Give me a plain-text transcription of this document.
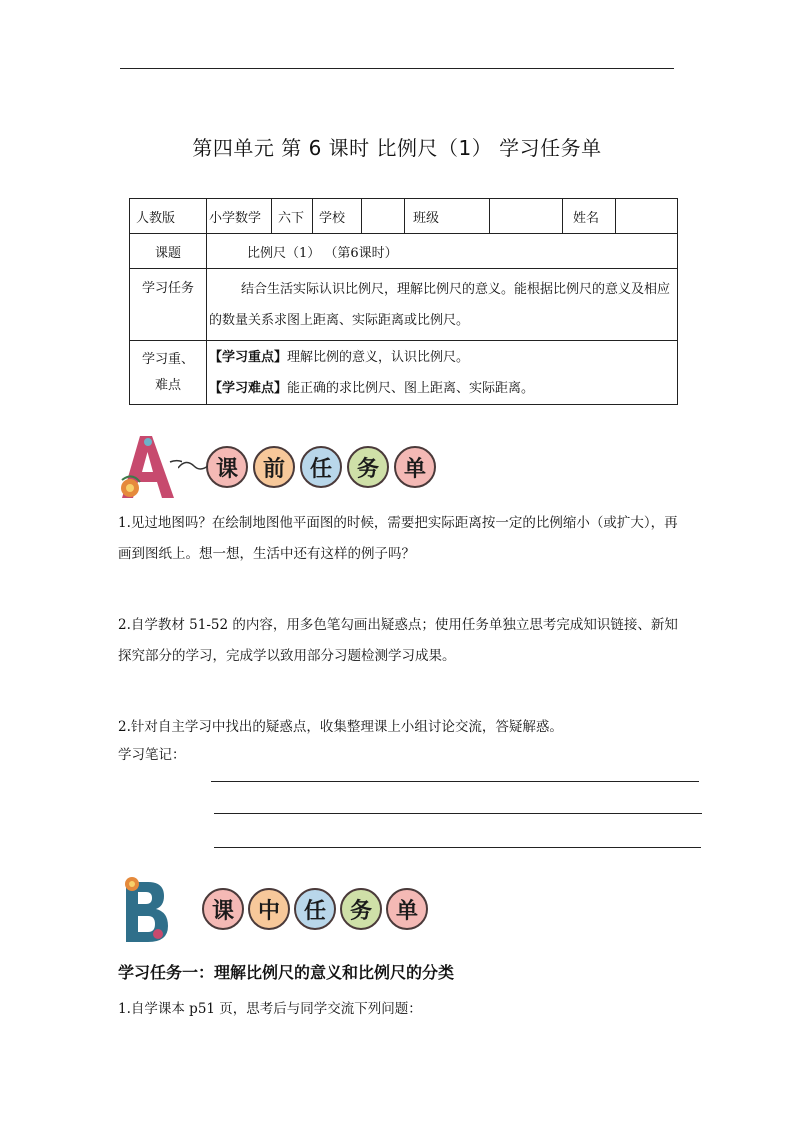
第四单元 第 6 课时 比例尺（1） 学习任务单
人教版	小学数学	六下	学校		班级		姓名	
课题	比例尺（1） （第6课时）							
学习任务	结合生活实际认识比例尺，理解比例尺的意义。能根据比例尺的意义及相应的数量关系求图上距离、实际距离或比例尺。							
学习重、难点	【学习重点】理解比例的意义，认识比例尺。
【学习难点】能正确的求比例尺、图上距离、实际距离。							
课	前	任	务	单

1.见过地图吗？在绘制地图他平面图的时候，需要把实际距离按一定的比例缩小（或扩大），再画到图纸上。想一想，生活中还有这样的例子吗？

2.自学教材 51-52 的内容，用多色笔勾画出疑惑点；使用任务单独立思考完成知识链接、新知探究部分的学习，完成学以致用部分习题检测学习成果。

2.针对自主学习中找出的疑惑点，收集整理课上小组讨论交流，答疑解惑。

学习笔记：

课	中	任	务	单
学习任务一：理解比例尺的意义和比例尺的分类

1.自学课本 p51 页，思考后与同学交流下列问题：
